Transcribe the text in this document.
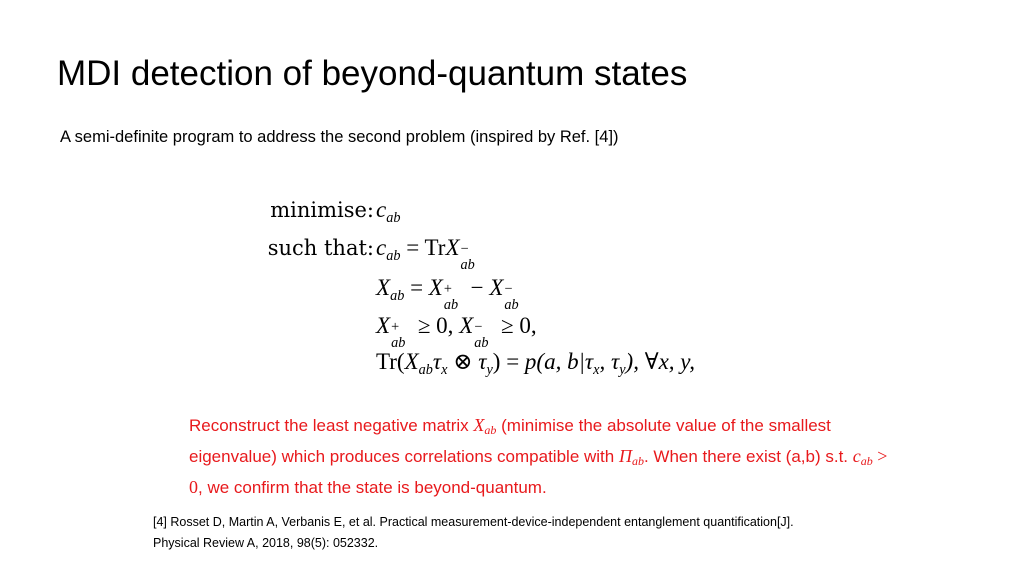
MDI detection of beyond-quantum states
A semi-definite program to address the second problem (inspired by Ref. [4])
minimise: $c_{ab}$
such that: $c_{ab}$ = TrX −
ab
$X_{ab} = X$ +
ab
− X −
ab
X +
ab
≥ 0, X −
ab
≥ 0,
$Tr(X_{ab}\tau_x$ ⊗ $\tau_y) = p(a$, $b|\tau_x$, $\tau_y$), ∀x, y,
Reconstruct the least negative matrix Xab (minimise the absolute value of the smallest eigenvalue) which produces correlations compatible with Πab. When there exist (a,b) s.t. cab > 0, we confirm that the state is beyond-quantum.
[4] Rosset D, Martin A, Verbanis E, et al. Practical measurement-device-independent entanglement quantification[J].
Physical Review A, 2018, 98(5): 052332.
